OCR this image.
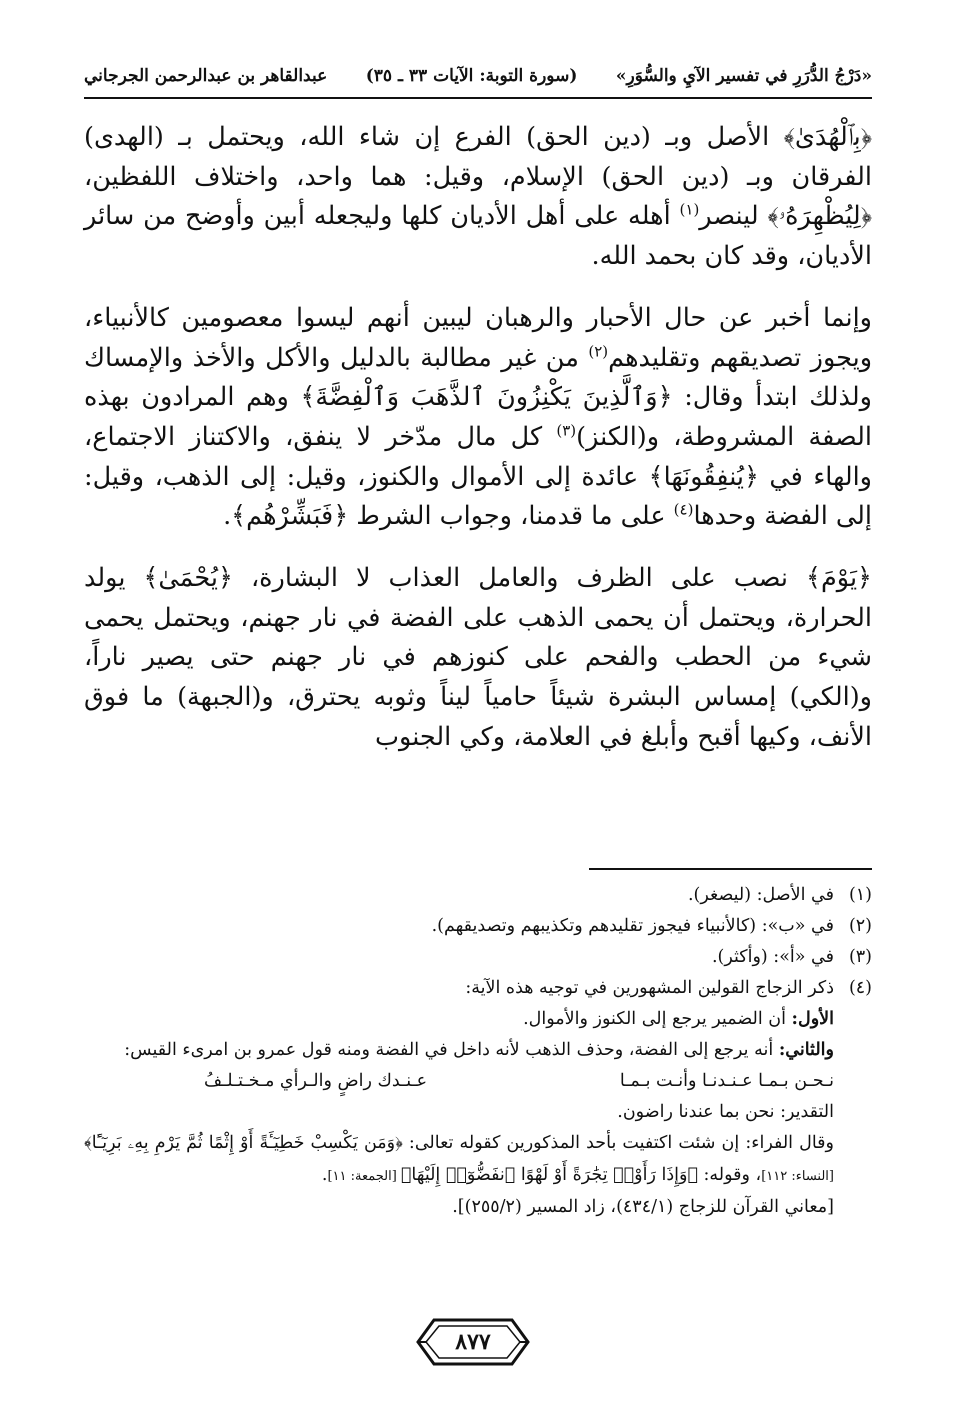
«دَرْجُ الدُّرَرِ في تفسير الآيِ والسُّوَرِ»
(سورة التوبة: الآيات ٣٣ ـ ٣٥)
عبدالقاهر بن عبدالرحمن الجرجاني

﴿بِٱلْهُدَىٰ﴾ الأصل وبـ (دين الحق) الفرع إن شاء الله، ويحتمل بـ (الهدى) الفرقان وبـ (دين الحق) الإسلام، وقيل: هما واحد، واختلاف اللفظين، ﴿لِيُظْهِرَهُۥ﴾ لينصر$^{(١)}$ أهله على أهل الأديان كلها وليجعله أبين وأوضح من سائر الأديان، وقد كان بحمد الله.

وإنما أخبر عن حال الأحبار والرهبان ليبين أنهم ليسوا معصومين كالأنبياء، ويجوز تصديقهم وتقليدهم$^{(٢)}$ من غير مطالبة بالدليل والأكل والأخذ والإمساك ولذلك ابتدأ وقال: ﴿وَٱلَّذِينَ يَكْنِزُونَ ٱلذَّهَبَ وَٱلْفِضَّةَ﴾ وهم المرادون بهذه الصفة المشروطة، و(الكنز)$^{(٣)}$ كل مال مدّخر لا ينفق، والاكتناز الاجتماع، والهاء في ﴿يُنفِقُونَهَا﴾ عائدة إلى الأموال والكنوز، وقيل: إلى الذهب، وقيل: إلى الفضة وحدها$^{(٤)}$ على ما قدمنا، وجواب الشرط ﴿فَبَشِّرْهُم﴾.

﴿يَوْمَ﴾ نصب على الظرف والعامل العذاب لا البشارة، ﴿يُحْمَىٰ﴾ يولد الحرارة، ويحتمل أن يحمى الذهب على الفضة في نار جهنم، ويحتمل يحمى شيء من الحطب والفحم على كنوزهم في نار جهنم حتى يصير ناراً، و(الكي) إمساس البشرة شيئاً حامياً ليناً وثوبه يحترق، و(الجبهة) ما فوق الأنف، وكيها أقبح وأبلغ في العلامة، وكي الجنوب

(١)
في الأصل: (ليصغر).
(٢)
في «ب»: (كالأنبياء فيجوز تقليدهم وتكذيبهم وتصديقهم).
(٣)
في «أ»: (وأكثر).
(٤)
ذكر الزجاج القولين المشهورين في توجيه هذه الآية:
الأول: أن الضمير يرجع إلى الكنوز والأموال.
والثاني: أنه يرجع إلى الفضة، وحذف الذهب لأنه داخل في الفضة ومنه قول عمرو بن امرىء القيس:
نـحـن بـمـا عـنـدنـا وأنـت بـمـا
عـنـدك راضٍ والـرأي مـخـتـلـفُ
التقدير: نحن بما عندنا راضون.
وقال الفراء: إن شئت اكتفيت بأحد المذكورين كقوله تعالى: ﴿وَمَن يَكْسِبْ خَطِيٓـَٔةً أَوْ إِثْمًا ثُمَّ يَرْمِ بِهِۦ بَرِيٓـًٔا﴾ [النساء: ١١٢]، وقوله: ﴿وَإِذَا رَأَوْا۟ تِجَٰرَةً أَوْ لَهْوًا ٱنفَضُّوٓا۟ إِلَيْهَا﴾ [الجمعة: ١١].
[معاني القرآن للزجاج (٤٣٤/١)، زاد المسير (٢٥٥/٢)].
٨٧٧
